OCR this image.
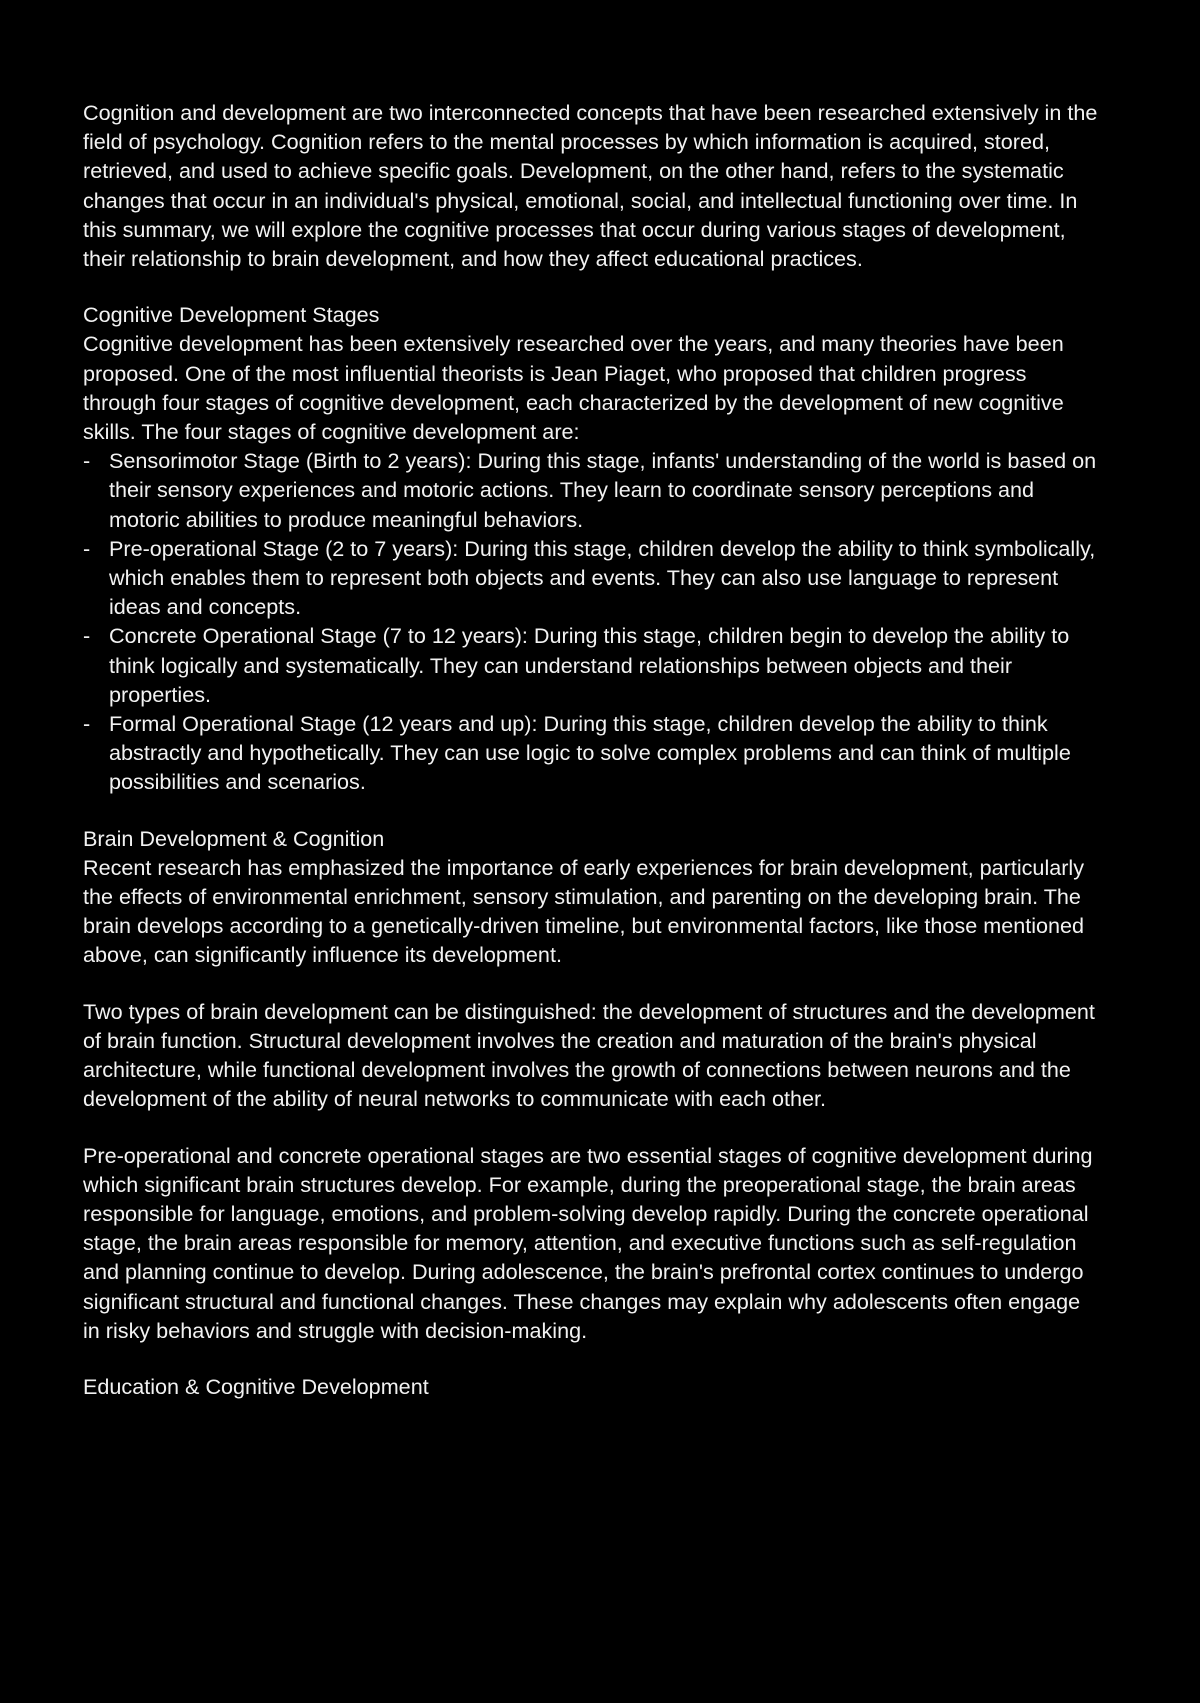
Cognition and development are two interconnected concepts that have been researched extensively in the field of psychology. Cognition refers to the mental processes by which information is acquired, stored, retrieved, and used to achieve specific goals. Development, on the other hand, refers to the systematic changes that occur in an individual's physical, emotional, social, and intellectual functioning over time. In this summary, we will explore the cognitive processes that occur during various stages of development, their relationship to brain development, and how they affect educational practices.

Cognitive Development Stages

Cognitive development has been extensively researched over the years, and many theories have been proposed. One of the most influential theorists is Jean Piaget, who proposed that children progress through four stages of cognitive development, each characterized by the development of new cognitive skills. The four stages of cognitive development are:

- Sensorimotor Stage (Birth to 2 years): During this stage, infants' understanding of the world is based on their sensory experiences and motoric actions. They learn to coordinate sensory perceptions and motoric abilities to produce meaningful behaviors.
- Pre-operational Stage (2 to 7 years): During this stage, children develop the ability to think symbolically, which enables them to represent both objects and events. They can also use language to represent ideas and concepts.
- Concrete Operational Stage (7 to 12 years): During this stage, children begin to develop the ability to think logically and systematically. They can understand relationships between objects and their properties.
- Formal Operational Stage (12 years and up): During this stage, children develop the ability to think abstractly and hypothetically. They can use logic to solve complex problems and can think of multiple possibilities and scenarios.
Brain Development & Cognition

Recent research has emphasized the importance of early experiences for brain development, particularly the effects of environmental enrichment, sensory stimulation, and parenting on the developing brain. The brain develops according to a genetically-driven timeline, but environmental factors, like those mentioned above, can significantly influence its development.

Two types of brain development can be distinguished: the development of structures and the development of brain function. Structural development involves the creation and maturation of the brain's physical architecture, while functional development involves the growth of connections between neurons and the development of the ability of neural networks to communicate with each other.

Pre-operational and concrete operational stages are two essential stages of cognitive development during which significant brain structures develop. For example, during the preoperational stage, the brain areas responsible for language, emotions, and problem-solving develop rapidly. During the concrete operational stage, the brain areas responsible for memory, attention, and executive functions such as self-regulation and planning continue to develop. During adolescence, the brain's prefrontal cortex continues to undergo significant structural and functional changes. These changes may explain why adolescents often engage in risky behaviors and struggle with decision-making.

Education & Cognitive Development
